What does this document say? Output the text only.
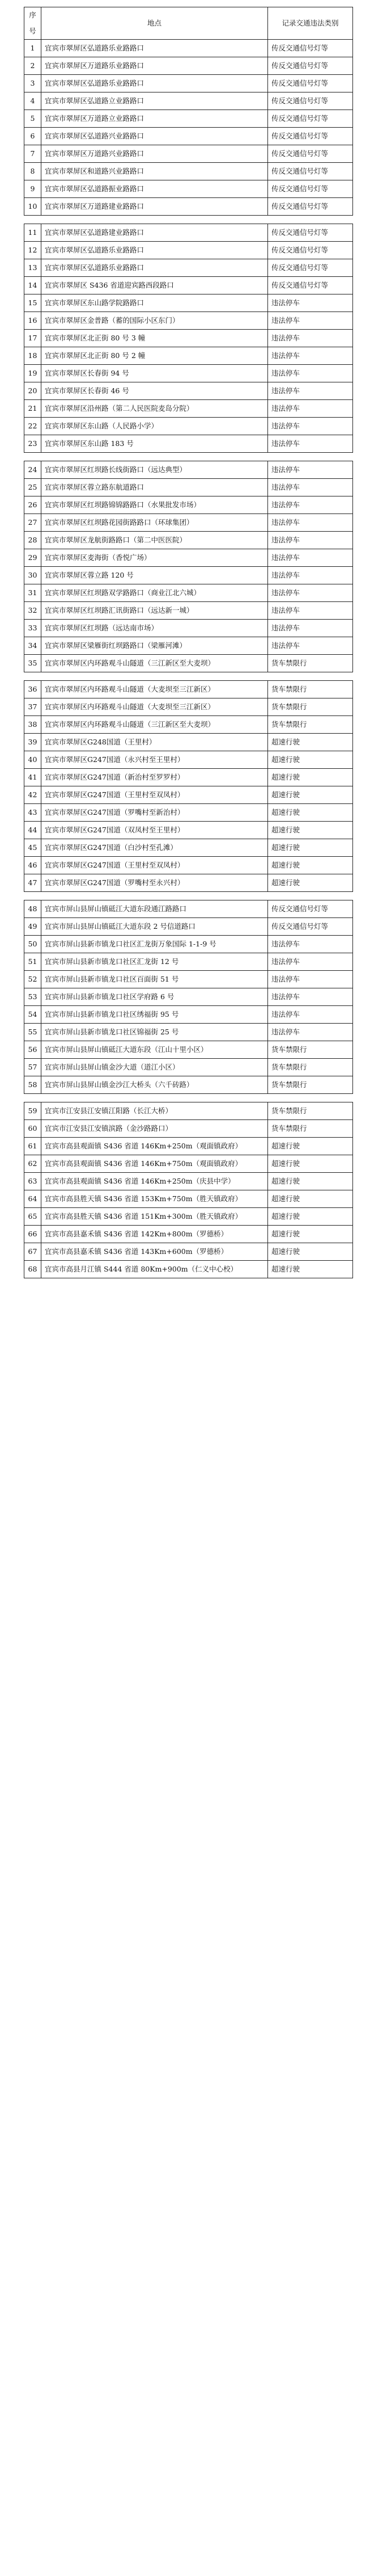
序号	地点	记录交通违法类别
1	宜宾市翠屏区弘道路乐业路路口	传反交通信号灯等
2	宜宾市翠屏区万道路乐业路路口	传反交通信号灯等
3	宜宾市翠屏区弘道路乐业路路口	传反交通信号灯等
4	宜宾市翠屏区弘道路立业路路口	传反交通信号灯等
5	宜宾市翠屏区万道路立业路路口	传反交通信号灯等
6	宜宾市翠屏区弘道路兴业路路口	传反交通信号灯等
7	宜宾市翠屏区万道路兴业路路口	传反交通信号灯等
8	宜宾市翠屏区和道路兴业路路口	传反交通信号灯等
9	宜宾市翠屏区弘道路振业路路口	传反交通信号灯等
10	宜宾市翠屏区万道路建业路路口	传反交通信号灯等
11	宜宾市翠屏区弘道路建业路路口	传反交通信号灯等
12	宜宾市翠屏区弘道路乐业路路口	传反交通信号灯等
13	宜宾市翠屏区弘道路乐业路路口	传反交通信号灯等
14	宜宾市翠屏区 S436 省道迎宾路西段路口	传反交通信号灯等
15	宜宾市翠屏区东山路学院路路口	违法停车
16	宜宾市翠屏区金普路（蓄的国际小区东门）	违法停车
17	宜宾市翠屏区北正街 80 号 3 幢	违法停车
18	宜宾市翠屏区北正街 80 号 2 幢	违法停车
19	宜宾市翠屏区长春街 94 号	违法停车
20	宜宾市翠屏区长春街 46 号	违法停车
21	宜宾市翠屏区沿州路（第二人民医院麦岛分院）	违法停车
22	宜宾市翠屏区东山路（人民路小学）	违法停车
23	宜宾市翠屏区东山路 183 号	违法停车
24	宜宾市翠屏区红坝路长线街路口（远达典型）	违法停车
25	宜宾市翠屏区蓉立路东航道路口	违法停车
26	宜宾市翠屏区红坝路锦锦路路口（水果批发市场）	违法停车
27	宜宾市翠屏区红坝路花园街路路口（环球集团）	违法停车
28	宜宾市翠屏区龙航街路路口（第二中医医院）	违法停车
29	宜宾市翠屏区麦海街（香悦广场）	违法停车
30	宜宾市翠屏区蓉立路 120 号	违法停车
31	宜宾市翠屏区红坝路双学路路口（商业江北六城）	违法停车
32	宜宾市翠屏区红坝路汇讯街路口（远达新一城）	违法停车
33	宜宾市翠屏区红坝路（远达南市场）	违法停车
34	宜宾市翠屏区梁雁街红坝路路口（梁雁河滩）	违法停车
35	宜宾市翠屏区内环路观斗山隧道（三江新区至大麦坝）	货车禁限行
36	宜宾市翠屏区内环路观斗山隧道（大麦坝至三江新区）	货车禁限行
37	宜宾市翠屏区内环路观斗山隧道（大麦坝至三江新区）	货车禁限行
38	宜宾市翠屏区内环路观斗山隧道（三江新区至大麦坝）	货车禁限行
39	宜宾市翠屏区G248国道（王里村）	超速行驶
40	宜宾市翠屏区G247国道（永兴村至王里村）	超速行驶
41	宜宾市翠屏区G247国道（新治村至罗罗村）	超速行驶
42	宜宾市翠屏区G247国道（王里村至双凤村）	超速行驶
43	宜宾市翠屏区G247国道（罗嘴村至新治村）	超速行驶
44	宜宾市翠屏区G247国道（双凤村至王里村）	超速行驶
45	宜宾市翠屏区G247国道（白沙村至孔滩）	超速行驶
46	宜宾市翠屏区G247国道（王里村至双凤村）	超速行驶
47	宜宾市翠屏区G247国道（罗嘴村至永兴村）	超速行驶
48	宜宾市屏山县屏山镇砥江大道东段通江路路口	传反交通信号灯等
49	宜宾市屏山县屏山镇砥江大道东段 2 号信道路口	传反交通信号灯等
50	宜宾市屏山县新市镇龙口社区汇龙街万象国际 1-1-9 号	违法停车
51	宜宾市屏山县新市镇龙口社区汇龙街 12 号	违法停车
52	宜宾市屏山县新市镇龙口社区百面街 51 号	违法停车
53	宜宾市屏山县新市镇龙口社区学府路 6 号	违法停车
54	宜宾市屏山县新市镇龙口社区绣福街 95 号	违法停车
55	宜宾市屏山县新市镇龙口社区锦福街 25 号	违法停车
56	宜宾市屏山县屏山镇砥江大道东段（江山十里小区）	货车禁限行
57	宜宾市屏山县屏山镇金沙大道（道江小区）	货车禁限行
58	宜宾市屏山县屏山镇金沙江大桥头（六千砖路）	货车禁限行
59	宜宾市江安县江安镇江阳路（长江大桥）	货车禁限行
60	宜宾市江安县江安镇滨路（金沙路路口）	货车禁限行
61	宜宾市高县观面镇 S436 省道 146Km+250m（观面镇政府）	超速行驶
62	宜宾市高县观面镇 S436 省道 146Km+750m（观面镇政府）	超速行驶
63	宜宾市高县观面镇 S436 省道 146Km+250m（庆县中学）	超速行驶
64	宜宾市高县胜天镇 S436 省道 153Km+750m（胜天镇政府）	超速行驶
65	宜宾市高县胜天镇 S436 省道 151Km+300m（胜天镇政府）	超速行驶
66	宜宾市高县嘉禾镇 S436 省道 142Km+800m（罗德桥）	超速行驶
67	宜宾市高县嘉禾镇 S436 省道 143Km+600m（罗德桥）	超速行驶
68	宜宾市高县月江镇 S444 省道 80Km+900m（仁义中心校）	超速行驶
